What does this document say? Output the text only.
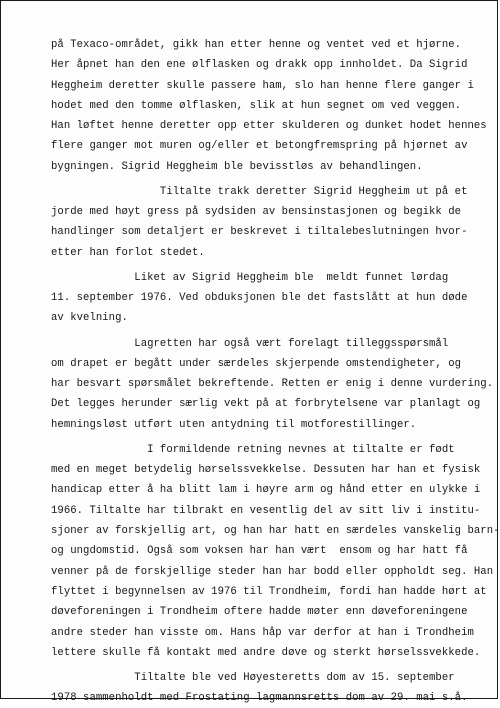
på Texaco-området, gikk han etter henne og ventet ved et hjørne.
Her åpnet han den ene ølflasken og drakk opp innholdet. Da Sigrid
Heggheim deretter skulle passere ham, slo han henne flere ganger i
hodet med den tomme ølflasken, slik at hun segnet om ved veggen.
Han løftet henne deretter opp etter skulderen og dunket hodet hennes
flere ganger mot muren og/eller et betongfremspring på hjørnet av
bygningen. Sigrid Heggheim ble bevisstløs av behandlingen.
Tiltalte trakk deretter Sigrid Heggheim ut på et
jorde med høyt gress på sydsiden av bensinstasjonen og begikk de
handlinger som detaljert er beskrevet i tiltalebeslutningen hvor-
etter han forlot stedet.
Liket av Sigrid Heggheim ble  meldt funnet lørdag
11. september 1976. Ved obduksjonen ble det fastslått at hun døde
av kvelning.
Lagretten har også vært forelagt tilleggsspørsmål
om drapet er begått under særdeles skjerpende omstendigheter, og
har besvart spørsmålet bekreftende. Retten er enig i denne vurdering.
Det legges herunder særlig vekt på at forbrytelsene var planlagt og
hemningsløst utført uten antydning til motforestillinger.
I formildende retning nevnes at tiltalte er født
med en meget betydelig hørselssvekkelse. Dessuten har han et fysisk
handicap etter å ha blitt lam i høyre arm og hånd etter en ulykke i
1966. Tiltalte har tilbrakt en vesentlig del av sitt liv i institu-
sjoner av forskjellig art, og han har hatt en særdeles vanskelig barn-
og ungdomstid. Også som voksen har han vært  ensom og har hatt få
venner på de forskjellige steder han har bodd eller oppholdt seg. Han
flyttet i begynnelsen av 1976 til Trondheim, fordi han hadde hørt at
døveforeningen i Trondheim oftere hadde møter enn døveforeningene
andre steder han visste om. Hans håp var derfor at han i Trondheim
lettere skulle få kontakt med andre døve og sterkt hørselssvekkede.
Tiltalte ble ved Høyesteretts dom av 15. september
1978 sammenholdt med Frostating lagmannsretts dom av 29. mai s.å.
